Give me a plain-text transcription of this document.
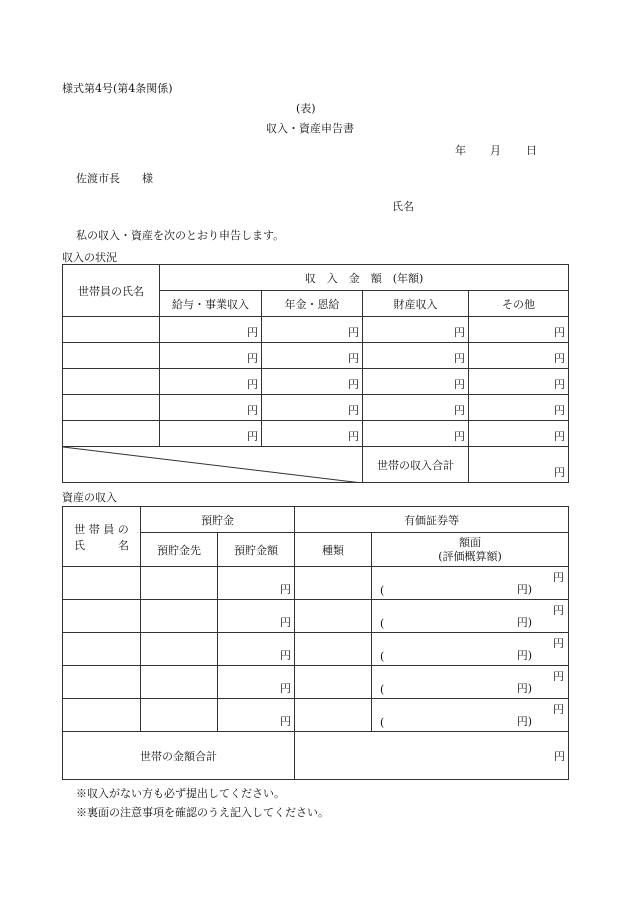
様式第4号(第4条関係)
(表)
収入・資産申告書
年 月 日
佐渡市長　　様
氏名
私の収入・資産を次のとおり申告します。
収入の状況
世帯員の氏名	収　入　金　額　(年額)			
	給与・事業収入	年金・恩給	財産収入	その他
	円	円	円	円
	円	円	円	円
	円	円	円	円
	円	円	円	円
	円	円	円	円

	世帯の収入合計	円
資産の収入
世 帯 員 の
氏　　　名	預貯金		有価証券等	
	預貯金先	預貯金額	種類	額面
(評価概算額)

		円		円
( 円)

		円		円
( 円)

		円		円
( 円)

		円		円
( 円)

		円		円
( 円)

世帯の金額合計			円	
※収入がない方も必ず提出してください。
※裏面の注意事項を確認のうえ記入してください。
